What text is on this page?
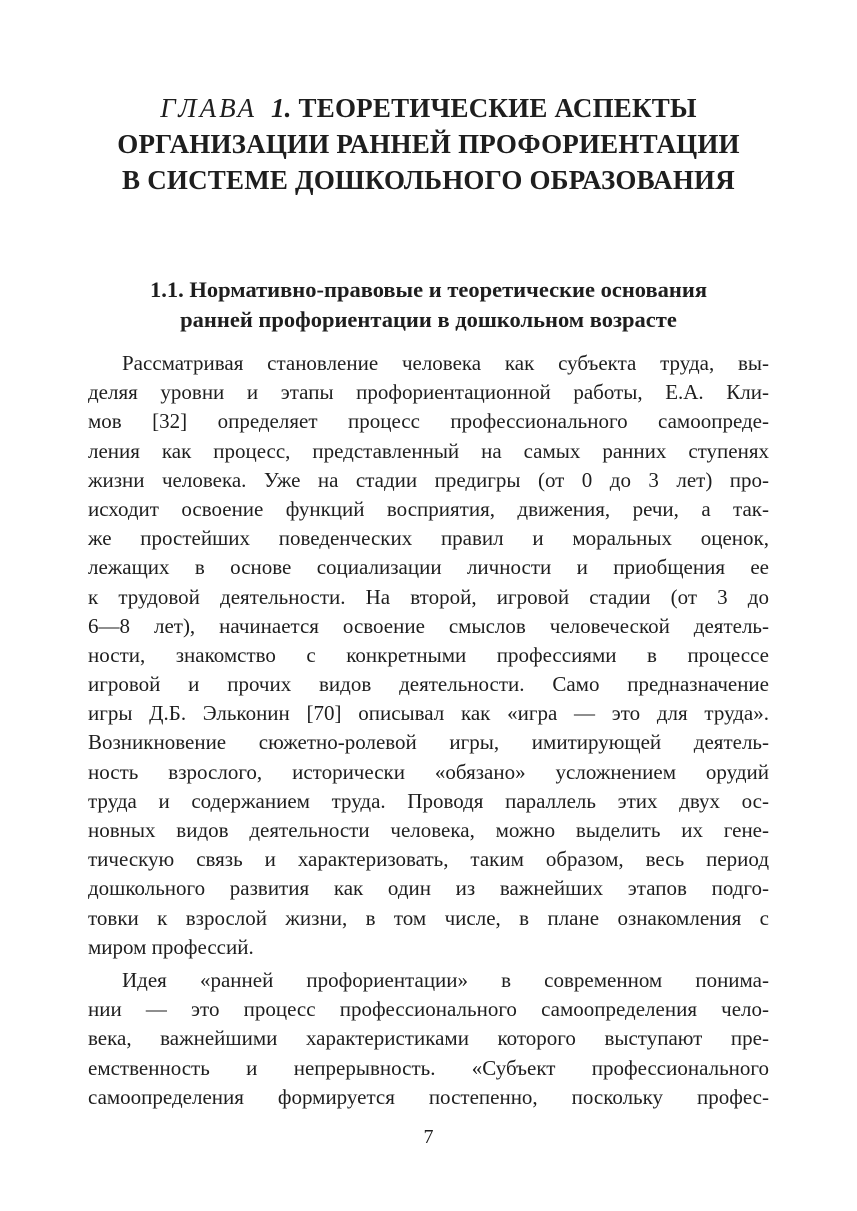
ГЛАВА 1. ТЕОРЕТИЧЕСКИЕ АСПЕКТЫ
ОРГАНИЗАЦИИ РАННЕЙ ПРОФОРИЕНТАЦИИ
В СИСТЕМЕ ДОШКОЛЬНОГО ОБРАЗОВАНИЯ
1.1. Нормативно-правовые и теоретические основания
ранней профориентации в дошкольном возрасте
Рассматривая становление человека как субъекта труда, вы-
деляя уровни и этапы профориентационной работы, Е.А. Кли-
мов [32] определяет процесс профессионального самоопреде-
ления как процесс, представленный на самых ранних ступенях
жизни человека. Уже на стадии предигры (от 0 до 3 лет) про-
исходит освоение функций восприятия, движения, речи, а так-
же простейших поведенческих правил и моральных оценок,
лежащих в основе социализации личности и приобщения ее
к трудовой деятельности. На второй, игровой стадии (от 3 до
6—8 лет), начинается освоение смыслов человеческой деятель-
ности, знакомство с конкретными профессиями в процессе
игровой и прочих видов деятельности. Само предназначение
игры Д.Б. Эльконин [70] описывал как «игра — это для труда».
Возникновение сюжетно-ролевой игры, имитирующей деятель-
ность взрослого, исторически «обязано» усложнением орудий
труда и содержанием труда. Проводя параллель этих двух ос-
новных видов деятельности человека, можно выделить их гене-
тическую связь и характеризовать, таким образом, весь период
дошкольного развития как один из важнейших этапов подго-
товки к взрослой жизни, в том числе, в плане ознакомления с
миром профессий.
Идея «ранней профориентации» в современном понима-
нии — это процесс профессионального самоопределения чело-
века, важнейшими характеристиками которого выступают пре-
емственность и непрерывность. «Субъект профессионального
самоопределения формируется постепенно, поскольку профес-
7
